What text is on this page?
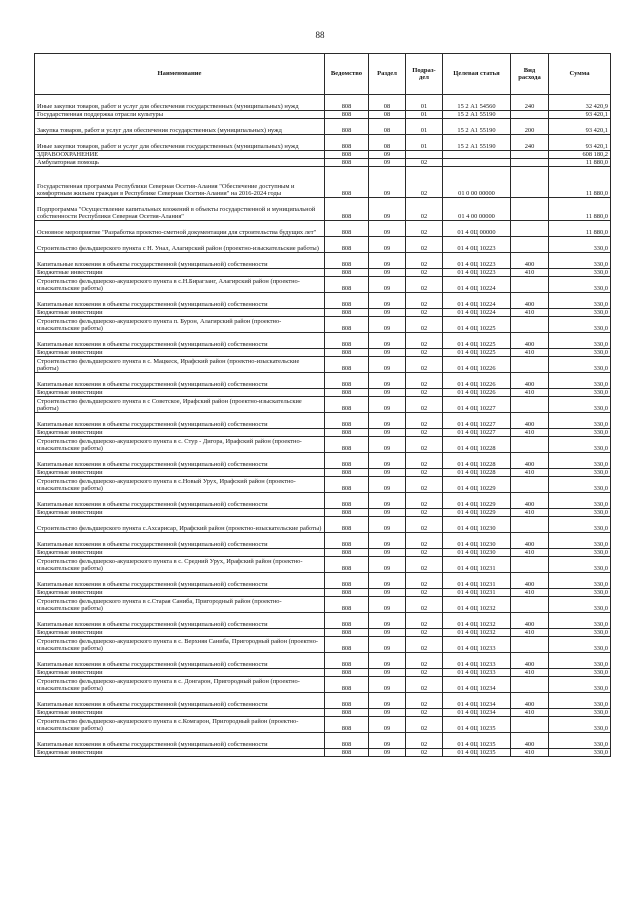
88
Наименование	Ведомство	Раздел	Подраз-дел	Целевая статья	Вид расхода	Сумма
Иные закупки товаров, работ и услуг для обеспечения государственных (муниципальных) нужд	808	08	01	15 2 А1 54560	240	32 420,9
Государственная поддержка отрасли культуры	808	08	01	15 2 А1 55190		93 420,1
Закупка товаров, работ и услуг для обеспечения государственных (муниципальных) нужд	808	08	01	15 2 А1 55190	200	93 420,1
Иные закупки товаров, работ и услуг для обеспечения государственных (муниципальных) нужд	808	08	01	15 2 А1 55190	240	93 420,1
ЗДРАВООХРАНЕНИЕ	808	09				608 180,2
Амбулаторная помощь	808	09	02			11 880,0
Государственная программа Республики Северная Осетия-Алания "Обеспечение доступным и комфортным жильем граждан в Республике Северная Осетия-Алания" на 2016-2024 годы	808	09	02	01 0 00 00000		11 880,0
Подпрограмма "Осуществление капитальных вложений в объекты государственной и муниципальной собственности Республики Северная Осетия-Алания"	808	09	02	01 4 00 00000		11 880,0
Основное мероприятие "Разработка проектно-сметной документации для строительства будущих лет"	808	09	02	01 4 0Ц 00000		11 880,0
Строительство фельдшерского пункта с Н. Унал, Алагирский район (проектно-изыскательские работы)	808	09	02	01 4 0Ц 10223		330,0
Капитальные вложения в объекты государственной (муниципальной) собственности	808	09	02	01 4 0Ц 10223	400	330,0
Бюджетные инвестиции	808	09	02	01 4 0Ц 10223	410	330,0
Строительство фельдшерско-акушерского пункта в с.Н.Бирагзанг, Алагирский район (проектно-изыскательские работы)	808	09	02	01 4 0Ц 10224		330,0
Капитальные вложения в объекты государственной (муниципальной) собственности	808	09	02	01 4 0Ц 10224	400	330,0
Бюджетные инвестиции	808	09	02	01 4 0Ц 10224	410	330,0
Строительство фельдшерско-акушерского пункта п. Бурон, Алагирский район (проектно-изыскательские работы)	808	09	02	01 4 0Ц 10225		330,0
Капитальные вложения в объекты государственной (муниципальной) собственности	808	09	02	01 4 0Ц 10225	400	330,0
Бюджетные инвестиции	808	09	02	01 4 0Ц 10225	410	330,0
Строительство фельдшерского пункта в с. Мацкеск, Ирафский район (проектно-изыскательские работы)	808	09	02	01 4 0Ц 10226		330,0
Капитальные вложения в объекты государственной (муниципальной) собственности	808	09	02	01 4 0Ц 10226	400	330,0
Бюджетные инвестиции	808	09	02	01 4 0Ц 10226	410	330,0
Строительство фельдшерского пункта в с Советское, Ирафский район (проектно-изыскательские работы)	808	09	02	01 4 0Ц 10227		330,0
Капитальные вложения в объекты государственной (муниципальной) собственности	808	09	02	01 4 0Ц 10227	400	330,0
Бюджетные инвестиции	808	09	02	01 4 0Ц 10227	410	330,0
Строительство фельдшерско-акушерского пункта в с. Стур - Дигора, Ирафский район (проектно-изыскательские работы)	808	09	02	01 4 0Ц 10228		330,0
Капитальные вложения в объекты государственной (муниципальной) собственности	808	09	02	01 4 0Ц 10228	400	330,0
Бюджетные инвестиции	808	09	02	01 4 0Ц 10228	410	330,0
Строительство фельдшерско-акушерского пункта в с.Новый Урух, Ирафский район (проектно-изыскательские работы)	808	09	02	01 4 0Ц 10229		330,0
Капитальные вложения в объекты государственной (муниципальной) собственности	808	09	02	01 4 0Ц 10229	400	330,0
Бюджетные инвестиции	808	09	02	01 4 0Ц 10229	410	330,0
Строительство фельдшерского пункта с.Ахсарисар, Ирафский район (проектно-изыскательские работы)	808	09	02	01 4 0Ц 10230		330,0
Капитальные вложения в объекты государственной (муниципальной) собственности	808	09	02	01 4 0Ц 10230	400	330,0
Бюджетные инвестиции	808	09	02	01 4 0Ц 10230	410	330,0
Строительство фельдшерско-акушерского пункта в с. Средний Урух, Ирафский район (проектно-изыскательские работы)	808	09	02	01 4 0Ц 10231		330,0
Капитальные вложения в объекты государственной (муниципальной) собственности	808	09	02	01 4 0Ц 10231	400	330,0
Бюджетные инвестиции	808	09	02	01 4 0Ц 10231	410	330,0
Строительство фельдшерского пункта в с.Старая Саниба, Пригородный район (проектно-изыскательские работы)	808	09	02	01 4 0Ц 10232		330,0
Капитальные вложения в объекты государственной (муниципальной) собственности	808	09	02	01 4 0Ц 10232	400	330,0
Бюджетные инвестиции	808	09	02	01 4 0Ц 10232	410	330,0
Строительство фельдшерско-акушерского пункта в с. Верхняя Саниба, Пригородный район (проектно-изыскательские работы)	808	09	02	01 4 0Ц 10233		330,0
Капитальные вложения в объекты государственной (муниципальной) собственности	808	09	02	01 4 0Ц 10233	400	330,0
Бюджетные инвестиции	808	09	02	01 4 0Ц 10233	410	330,0
Строительство фельдшерско-акушерского пункта в с. Донгарон, Пригородный район (проектно-изыскательские работы)	808	09	02	01 4 0Ц 10234		330,0
Капитальные вложения в объекты государственной (муниципальной) собственности	808	09	02	01 4 0Ц 10234	400	330,0
Бюджетные инвестиции	808	09	02	01 4 0Ц 10234	410	330,0
Строительство фельдшерско-акушерского пункта в с.Комгарон, Пригородный район (проектно-изыскательские работы)	808	09	02	01 4 0Ц 10235		330,0
Капитальные вложения в объекты государственной (муниципальной) собственности	808	09	02	01 4 0Ц 10235	400	330,0
Бюджетные инвестиции	808	09	02	01 4 0Ц 10235	410	330,0
